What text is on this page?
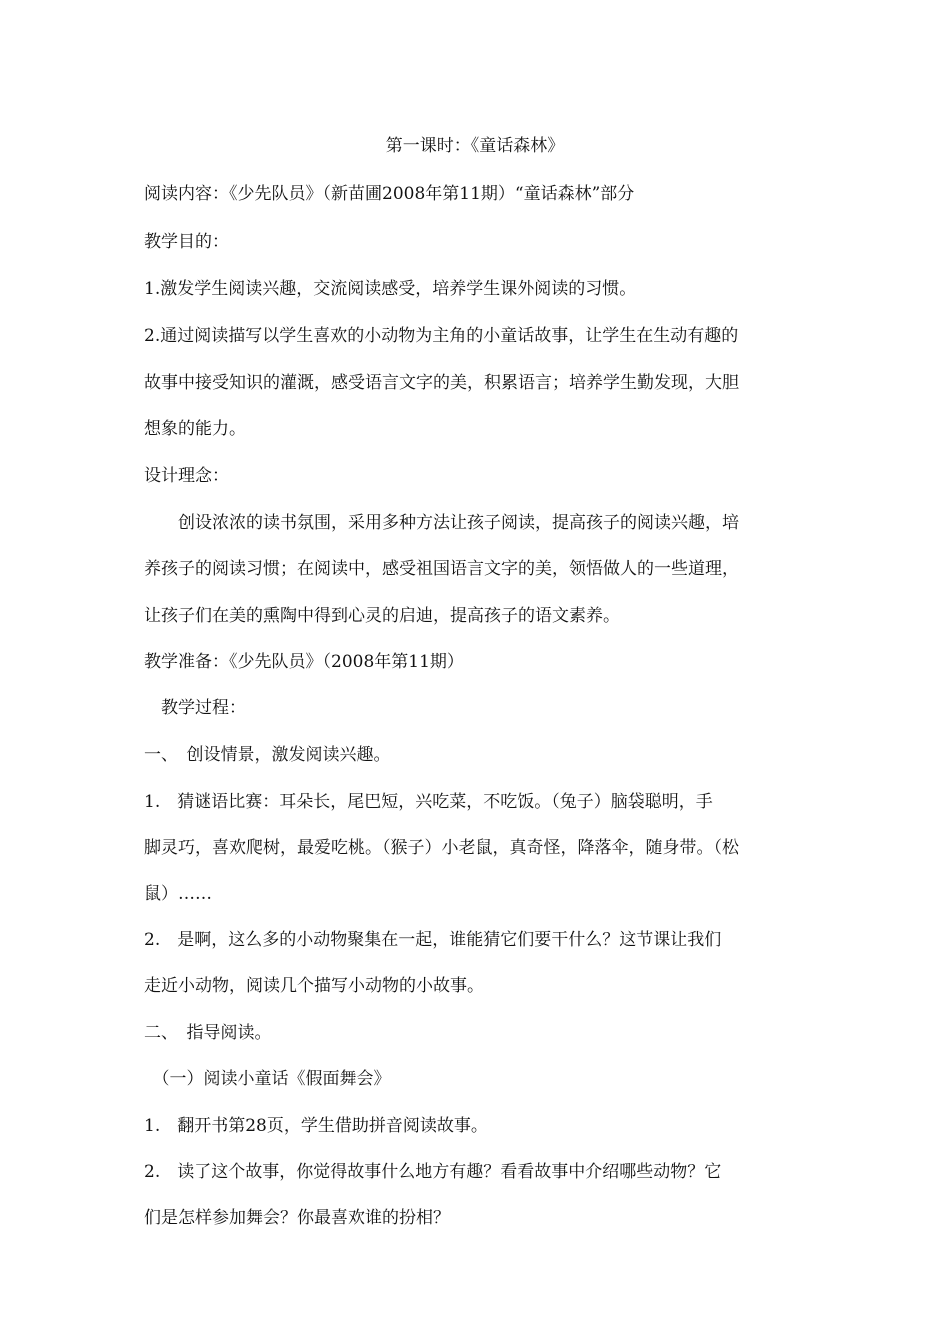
第一课时：《童话森林》
阅读内容：《少先队员》（新苗圃2008年第11期）“童话森林”部分
教学目的：
1.激发学生阅读兴趣，交流阅读感受，培养学生课外阅读的习惯。
2.通过阅读描写以学生喜欢的小动物为主角的小童话故事，让学生在生动有趣的
故事中接受知识的灌溉，感受语言文字的美，积累语言；培养学生勤发现，大胆
想象的能力。
设计理念：
　　创设浓浓的读书氛围，采用多种方法让孩子阅读，提高孩子的阅读兴趣，培
养孩子的阅读习惯；在阅读中，感受祖国语言文字的美，领悟做人的一些道理，
让孩子们在美的熏陶中得到心灵的启迪，提高孩子的语文素养。
教学准备：《少先队员》（2008年第11期）
　教学过程：
一、　创设情景，激发阅读兴趣。
1.　猜谜语比赛：耳朵长，尾巴短，兴吃菜，不吃饭。（兔子）脑袋聪明，手
脚灵巧，喜欢爬树，最爱吃桃。（猴子）小老鼠，真奇怪，降落伞，随身带。（松
鼠）……
2.　是啊，这么多的小动物聚集在一起，谁能猜它们要干什么？这节课让我们
走近小动物，阅读几个描写小动物的小故事。
二、　指导阅读。
　（一）阅读小童话《假面舞会》
1.　翻开书第28页，学生借助拼音阅读故事。
2.　读了这个故事，你觉得故事什么地方有趣？看看故事中介绍哪些动物？它
们是怎样参加舞会？你最喜欢谁的扮相？
